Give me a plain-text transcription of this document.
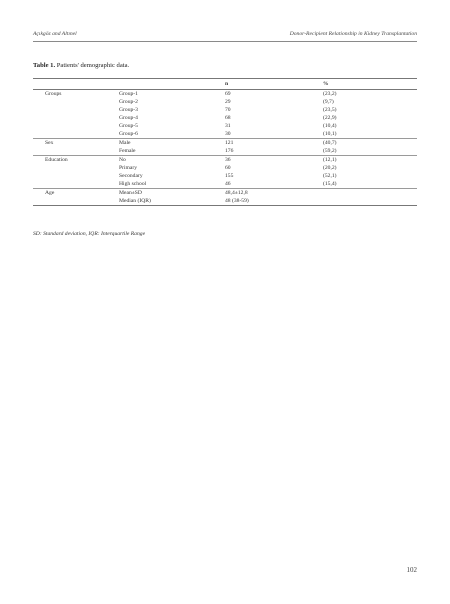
Açıkgöz and Altınel	Donor-Recipient Relationship in Kidney Transplantation
Table 1. Patients' demographic data.
		n	%
Groups	Group-1	69	(23,2)
	Group-2	29	(9,7)
	Group-3	70	(23,5)
	Group-4	68	(22,9)
	Group-5	31	(10,4)
	Group-6	30	(10,1)
Sex	Male	121	(40,7)
	Female	176	(59,2)
Education	No	36	(12,1)
	Primary	60	(20,2)
	Secondary	155	(52,1)
	High school	46	(15,4)
Age	Mean±SD	48,4±12,8	
	Median (IQR)	48 (38-59)	
SD: Standard deviation, IQR: Interquartile Range
102
